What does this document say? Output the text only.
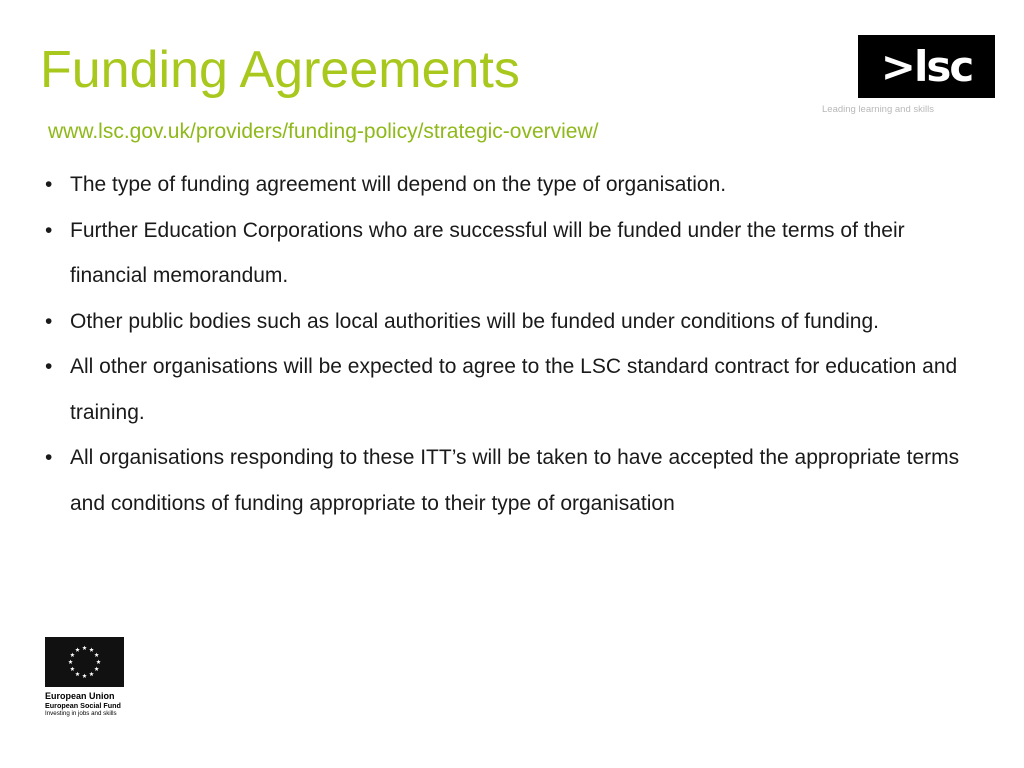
Funding Agreements
www.lsc.gov.uk/providers/funding-policy/strategic-overview/
>lsc
Leading learning and skills
• The type of funding agreement will depend on the type of organisation.
• Further Education Corporations who are successful will be funded under the terms of their financial memorandum.
• Other public bodies such as local authorities will be funded under conditions of funding.
• All other organisations will be expected to agree to the LSC standard contract for education and training.
• All organisations responding to these ITT’s will be taken to have accepted the appropriate terms and conditions of funding appropriate to their type of organisation
European Union
European Social Fund
Investing in jobs and skills
